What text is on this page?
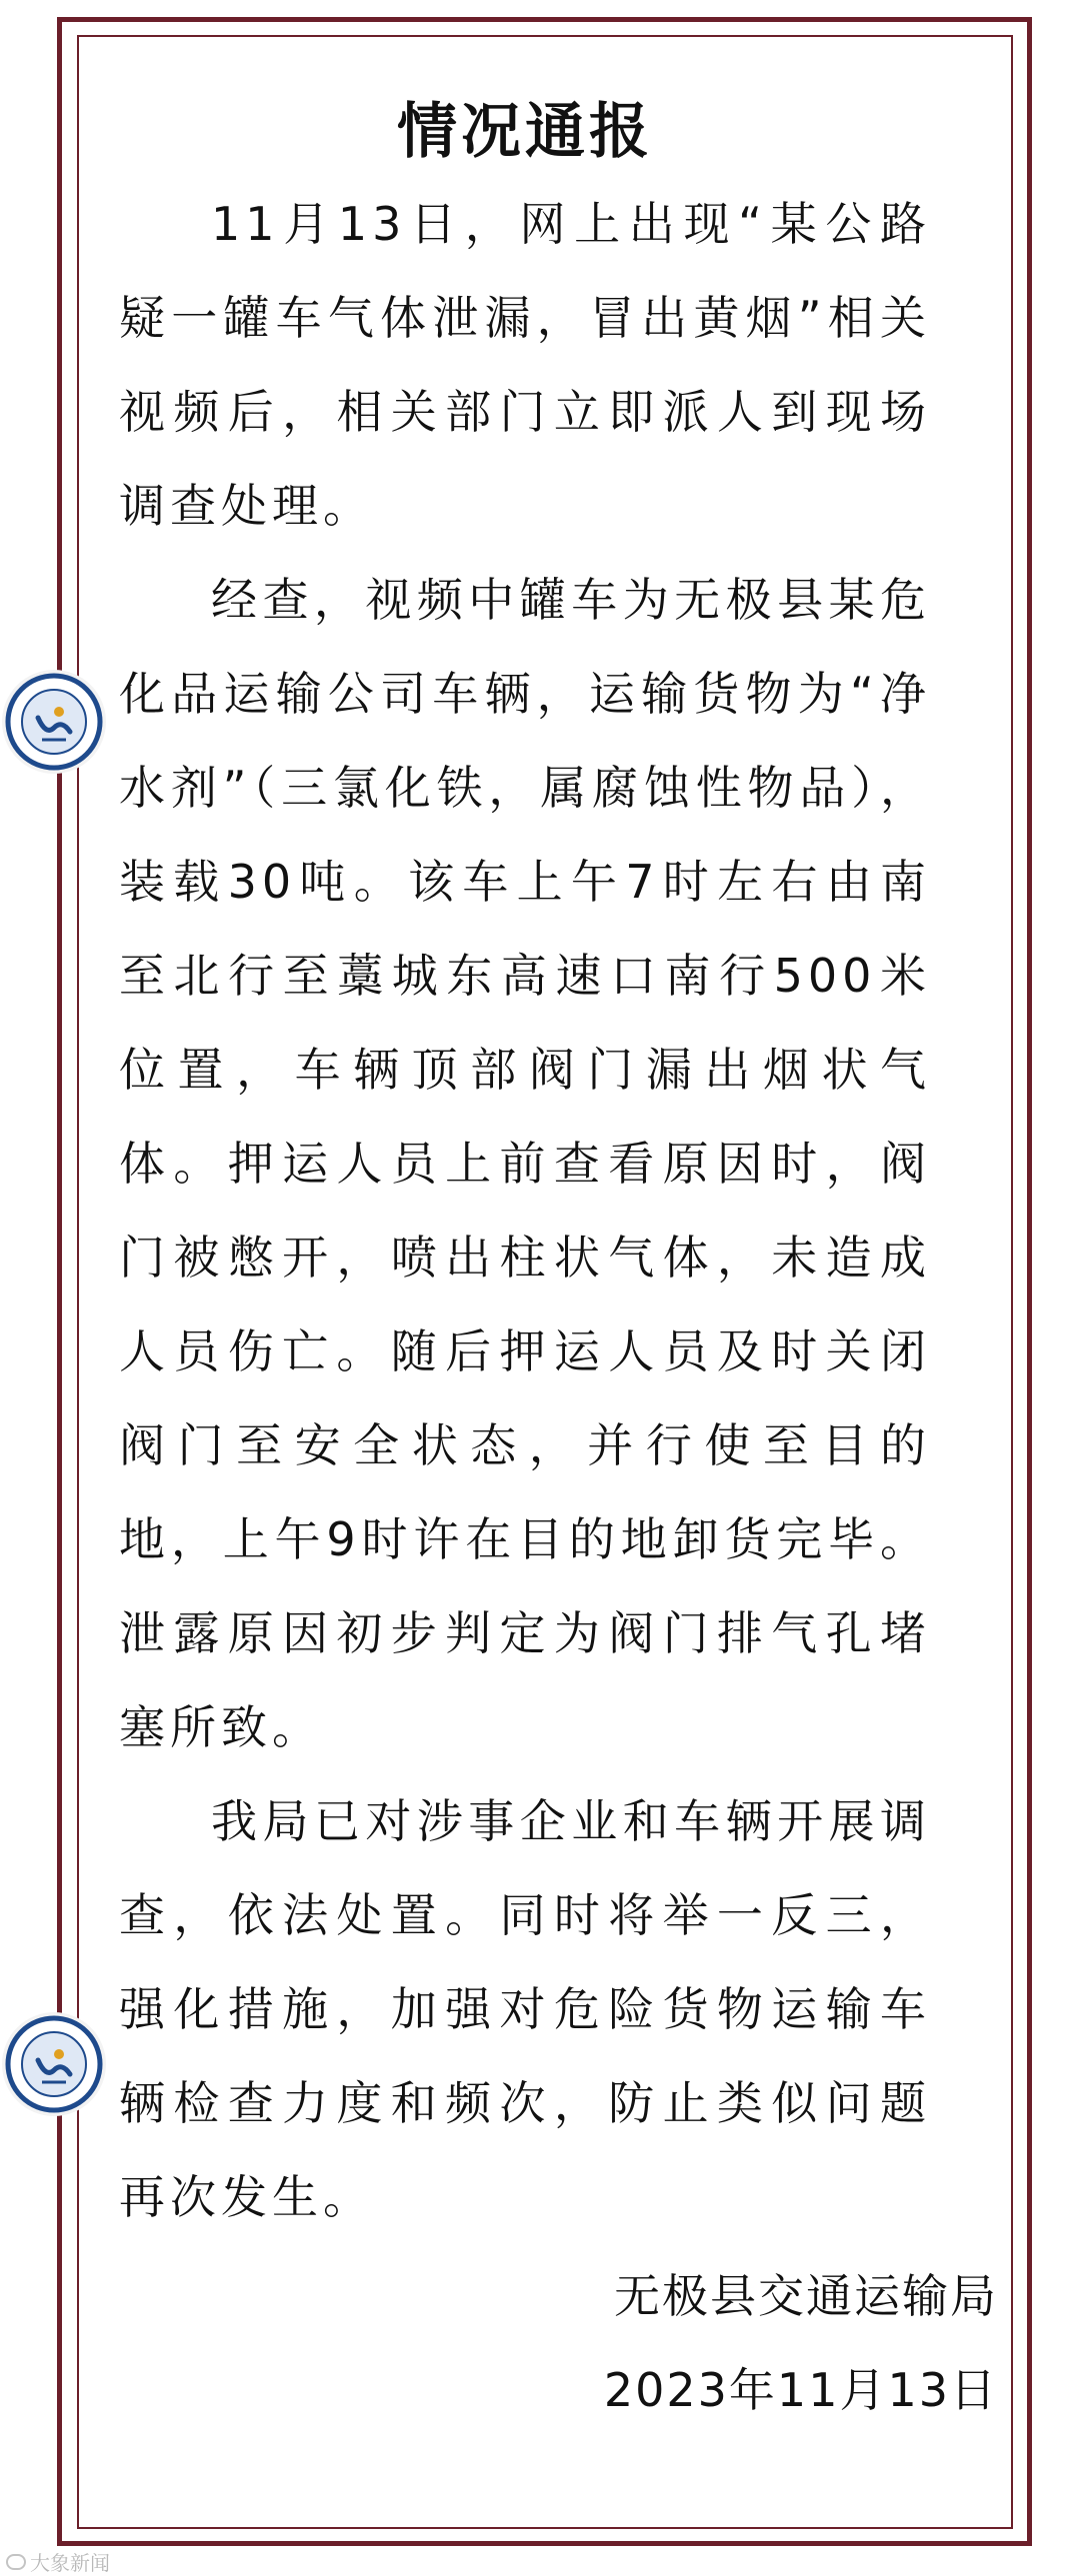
情况通报

11月13日，网上出现“某公路疑一罐车气体泄漏，冒出黄烟”相关视频后，相关部门立即派人到现场调查处理。

经查，视频中罐车为无极县某危化品运输公司车辆，运输货物为“净水剂”（三氯化铁，属腐蚀性物品），装载30吨。该车上午7时左右由南至北行至藁城东高速口南行500米位置，车辆顶部阀门漏出烟状气体。押运人员上前查看原因时，阀门被憋开，喷出柱状气体，未造成人员伤亡。随后押运人员及时关闭阀门至安全状态，并行使至目的地，上午9时许在目的地卸货完毕。泄露原因初步判定为阀门排气孔堵塞所致。

我局已对涉事企业和车辆开展调查，依法处置。同时将举一反三，强化措施，加强对危险货物运输车辆检查力度和频次，防止类似问题再次发生。

无极县交通运输局
2023年11月13日
大象新闻
